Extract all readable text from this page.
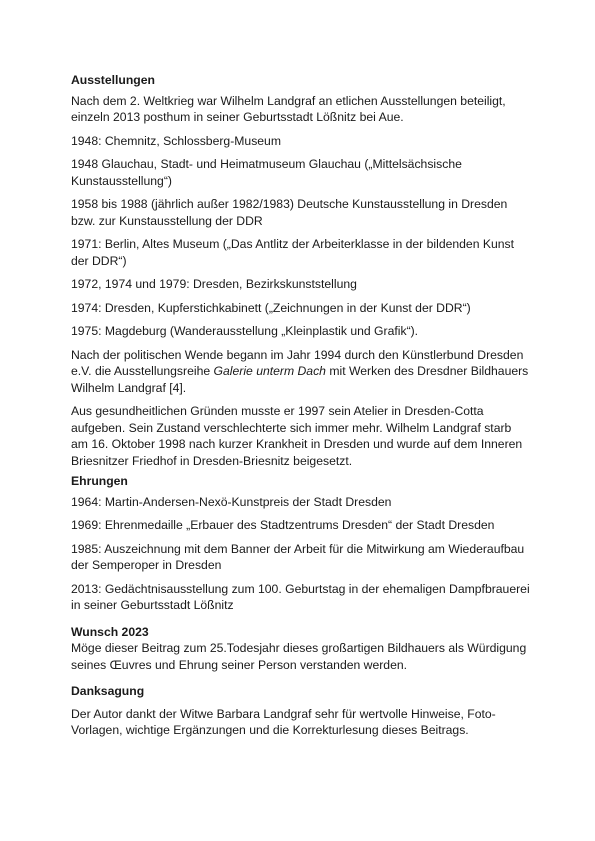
Ausstellungen

Nach dem 2. Weltkrieg war Wilhelm Landgraf an etlichen Ausstellungen beteiligt, einzeln 2013 posthum in seiner Geburtsstadt Lößnitz bei Aue.

1948: Chemnitz, Schlossberg-Museum

1948 Glauchau, Stadt- und Heimatmuseum Glauchau („Mittelsächsische Kunstausstellung“)

1958 bis 1988 (jährlich außer 1982/1983) Deutsche Kunstausstellung in Dresden bzw. zur Kunstausstellung der DDR

1971: Berlin, Altes Museum („Das Antlitz der Arbeiterklasse in der bildenden Kunst der DDR“)

1972, 1974 und 1979: Dresden, Bezirkskunststellung

1974: Dresden, Kupferstichkabinett („Zeichnungen in der Kunst der DDR“)

1975: Magdeburg (Wanderausstellung „Kleinplastik und Grafik“).

Nach der politischen Wende begann im Jahr 1994 durch den Künstlerbund Dresden e.V. die Ausstellungsreihe Galerie unterm Dach mit Werken des Dresdner Bildhauers Wilhelm Landgraf [4].

Aus gesundheitlichen Gründen musste er 1997 sein Atelier in Dresden-Cotta aufgeben. Sein Zustand verschlechterte sich immer mehr. Wilhelm Landgraf starb am 16. Oktober 1998 nach kurzer Krankheit in Dresden und wurde auf dem Inneren Briesnitzer Friedhof in Dresden-Briesnitz beigesetzt.

Ehrungen

1964: Martin-Andersen-Nexö-Kunstpreis der Stadt Dresden

1969: Ehrenmedaille „Erbauer des Stadtzentrums Dresden“ der Stadt Dresden

1985: Auszeichnung mit dem Banner der Arbeit für die Mitwirkung am Wiederaufbau der Semperoper in Dresden

2013: Gedächtnisausstellung zum 100. Geburtstag in der ehemaligen Dampfbrauerei in seiner Geburtsstadt Lößnitz

Wunsch 2023

Möge dieser Beitrag zum 25.Todesjahr dieses großartigen Bildhauers als Würdigung seines Œuvres und Ehrung seiner Person verstanden werden.

Danksagung

Der Autor dankt der Witwe Barbara Landgraf sehr für wertvolle Hinweise, Foto-Vorlagen, wichtige Ergänzungen und die Korrekturlesung dieses Beitrags.
